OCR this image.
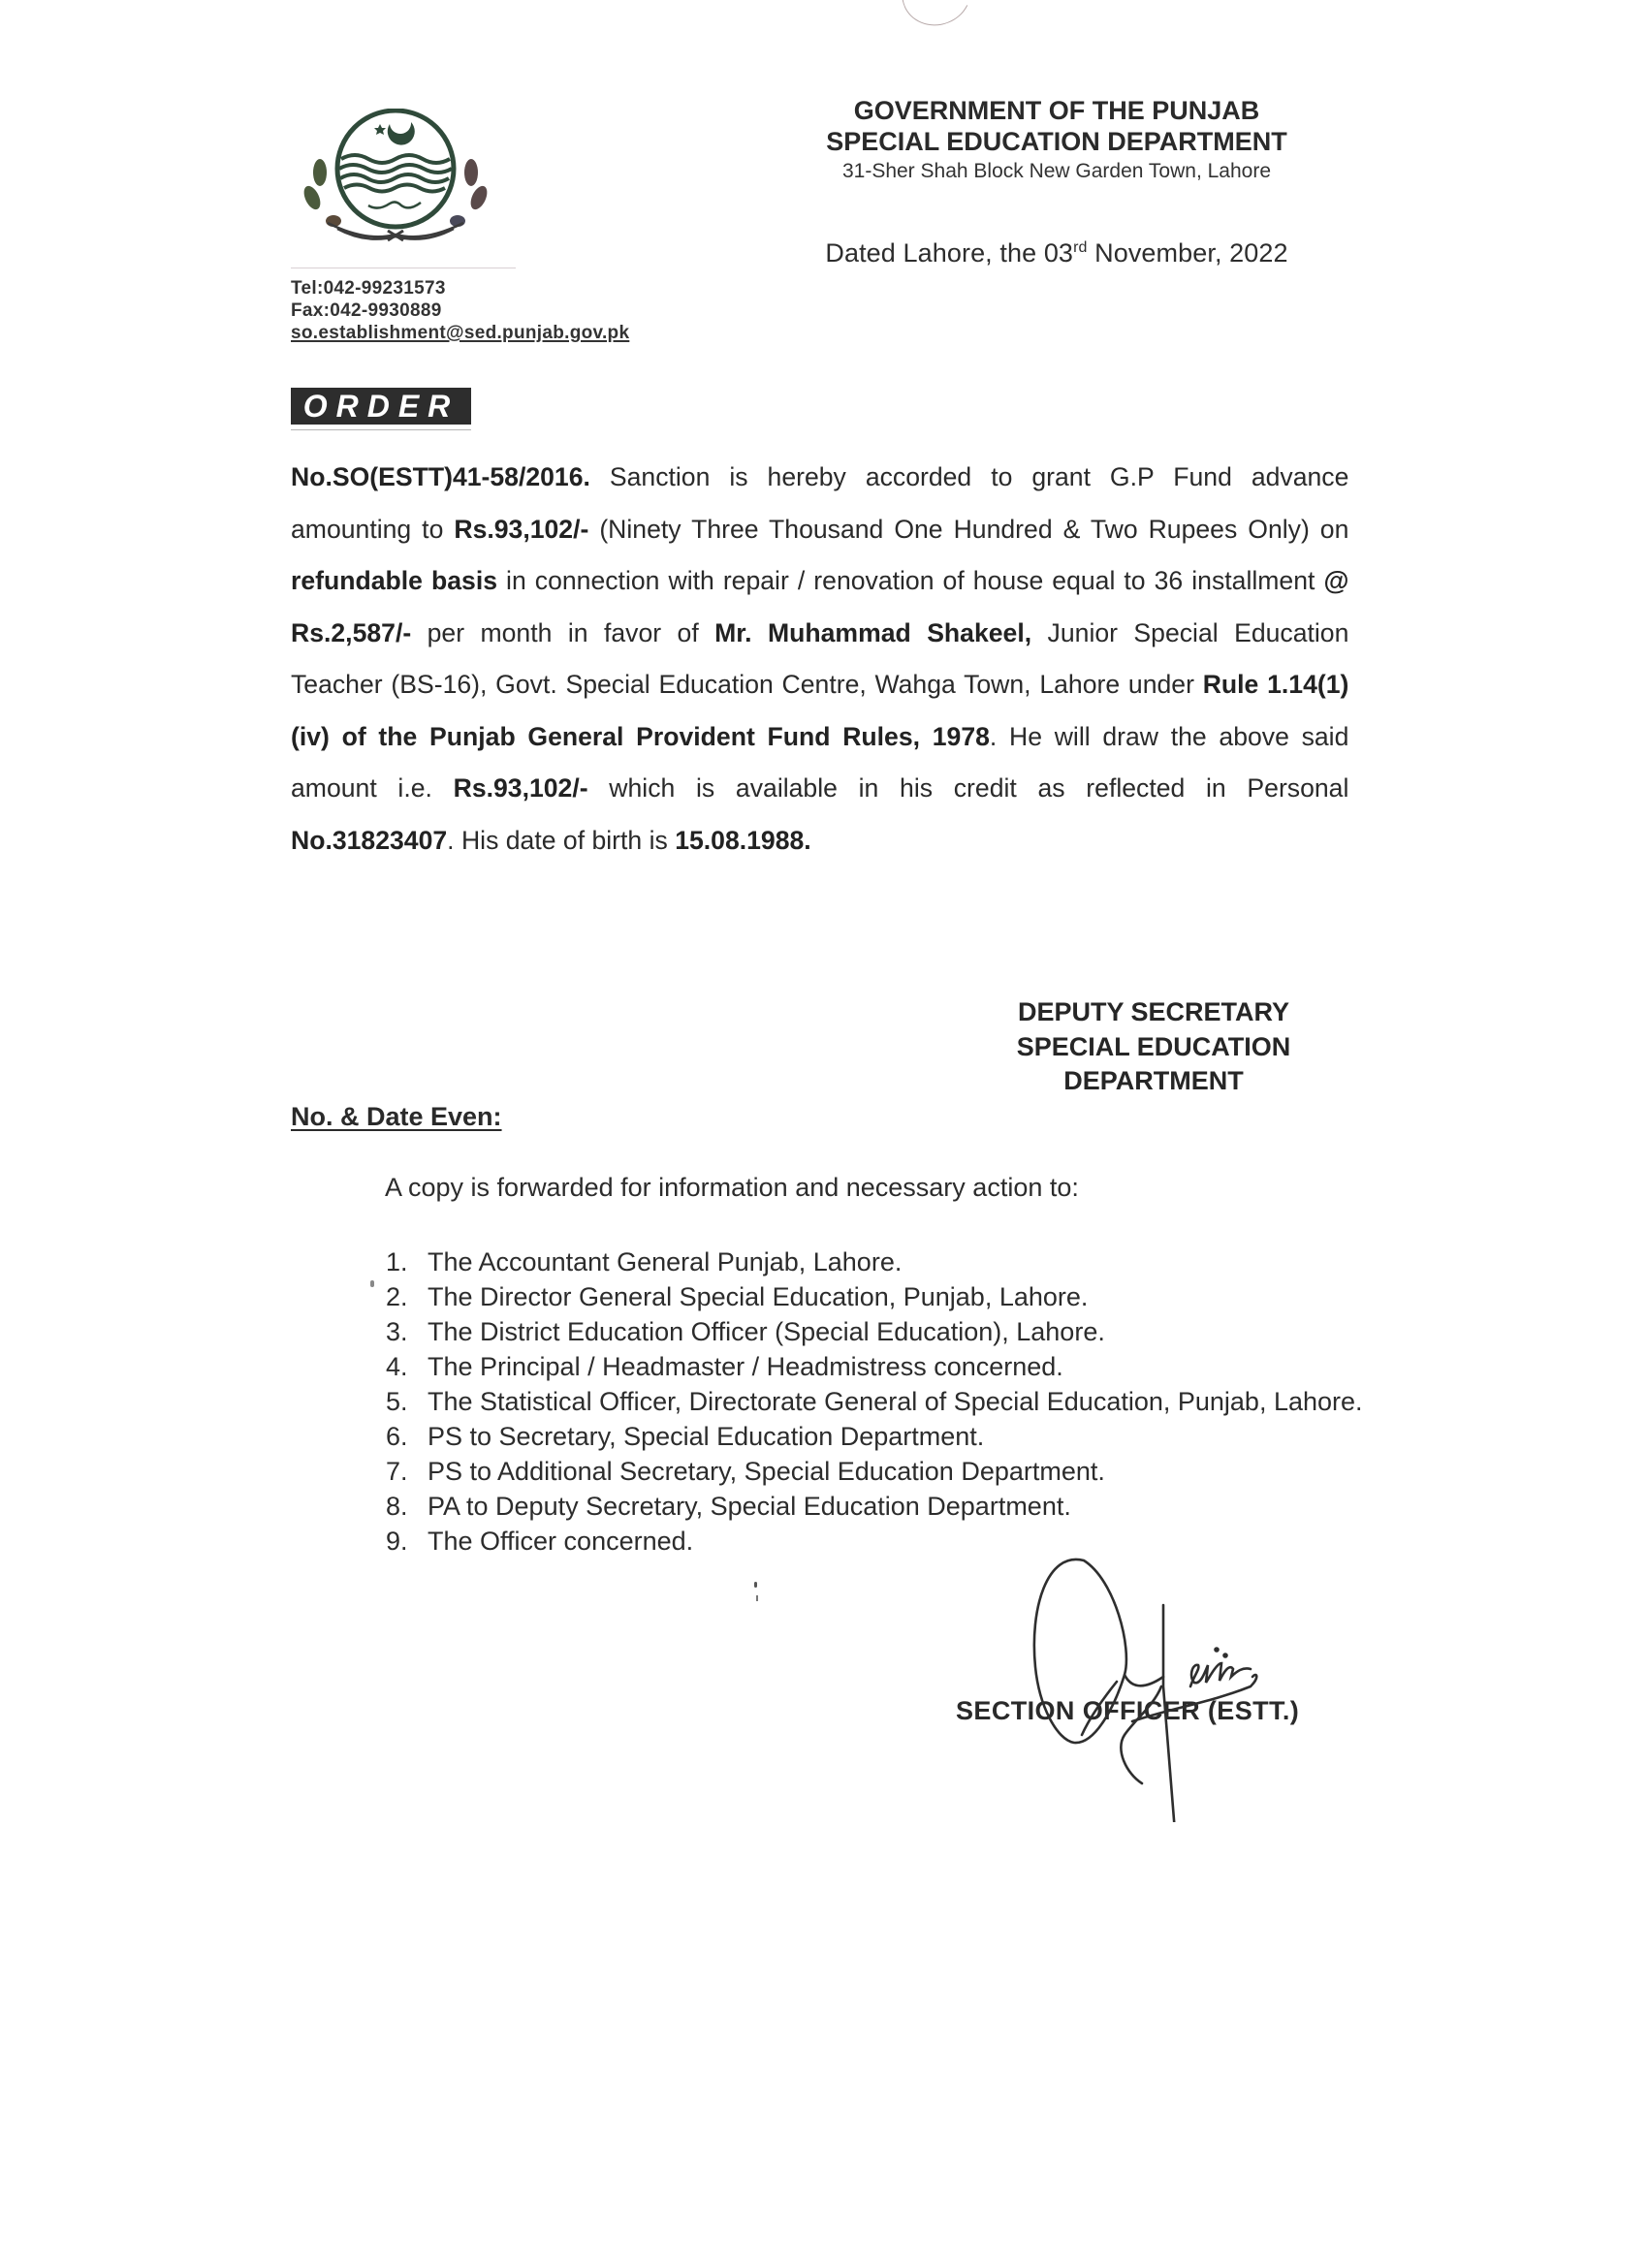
Tel:042-99231573
Fax:042-9930889
so.establishment@sed.punjab.gov.pk
GOVERNMENT OF THE PUNJAB
SPECIAL EDUCATION DEPARTMENT
31-Sher Shah Block New Garden Town, Lahore
Dated Lahore, the 03rd November, 2022
ORDER
No.SO(ESTT)41-58/2016. Sanction is hereby accorded to grant G.P Fund advance amounting to Rs.93,102/- (Ninety Three Thousand One Hundred & Two Rupees Only) on refundable basis in connection with repair / renovation of house equal to 36 installment @ Rs.2,587/- per month in favor of Mr. Muhammad Shakeel, Junior Special Education Teacher (BS-16), Govt. Special Education Centre, Wahga Town, Lahore under Rule 1.14(1)(iv) of the Punjab General Provident Fund Rules, 1978. He will draw the above said amount i.e. Rs.93,102/- which is available in his credit as reflected in Personal No.31823407. His date of birth is 15.08.1988.
DEPUTY SECRETARY
SPECIAL EDUCATION
DEPARTMENT
No. & Date Even:
A copy is forwarded for information and necessary action to:
1. The Accountant General Punjab, Lahore.
2. The Director General Special Education, Punjab, Lahore.
3. The District Education Officer (Special Education), Lahore.
4. The Principal / Headmaster / Headmistress concerned.
5. The Statistical Officer, Directorate General of Special Education, Punjab, Lahore.
6. PS to Secretary, Special Education Department.
7. PS to Additional Secretary, Special Education Department.
8. PA to Deputy Secretary, Special Education Department.
9. The Officer concerned.
SECTION OFFICER (ESTT.)
